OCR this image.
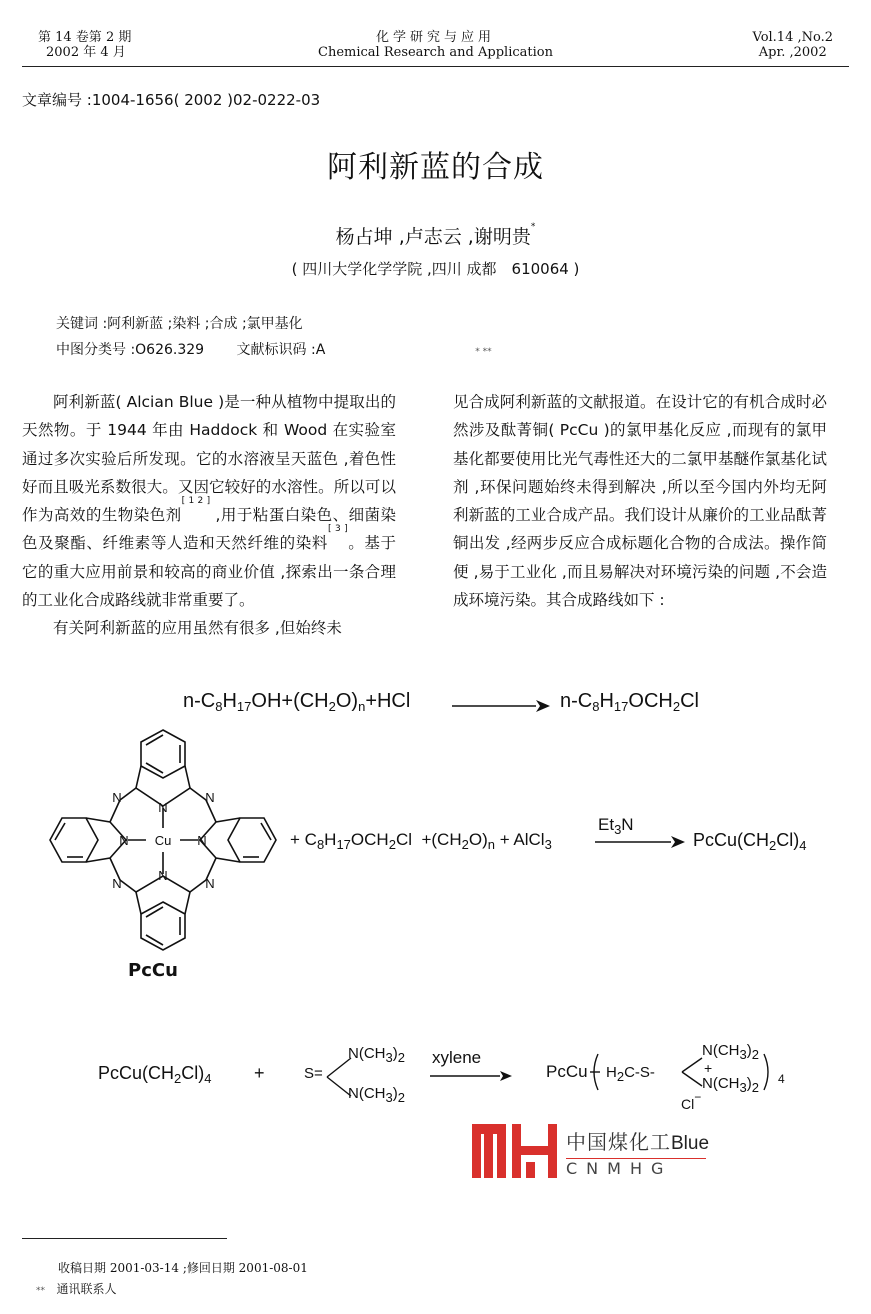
第 14 卷第 2 期
2002 年 4 月
化学研究与应用
Chemical Research and Application
Vol.14 ,No.2
Apr. ,2002
文章编号 :1004-1656( 2002 )02-0222-03
阿利新蓝的合成
杨占坤 ,卢志云 ,谢明贵*
( 四川大学化学学院 ,四川 成都　610064 )
关键词 :阿利新蓝 ;染料 ;合成 ;氯甲基化
中图分类号 :O626.329　　 文献标识码 :A	* **

阿利新蓝( Alcian Blue )是一种从植物中提取出的天然物。于 1944 年由 Haddock 和 Wood 在实验室通过多次实验后所发现。它的水溶液呈天蓝色 ,着色性好而且吸光系数很大。又因它较好的水溶性。所以可以作为高效的生物染色剂[ 1 2 ] ,用于粘蛋白染色、细菌染色及聚酯、纤维素等人造和天然纤维的染料[ 3 ]。基于它的重大应用前景和较高的商业价值 ,探索出一条合理的工业化合成路线就非常重要了。

有关阿利新蓝的应用虽然有很多 ,但始终未

见合成阿利新蓝的文献报道。在设计它的有机合成时必然涉及酞菁铜( PcCu )的氯甲基化反应 ,而现有的氯甲基化都要使用比光气毒性还大的二氯甲基醚作氯基化试剂 ,环保问题始终未得到解决 ,所以至今国内外均无阿利新蓝的工业合成产品。我们设计从廉价的工业品酞菁铜出发 ,经两步反应合成标题化合物的合成法。操作简便 ,易于工业化 ,而且易解决对环境污染的问题 ,不会造成环境污染。其合成路线如下 :

$n-C_8H_{17}OH+(CH_2O)_n+HCl$	$n-C_8H_{17}OCH_2Cl$
Cu
N
N
N	N
N	N
N	N
PcCu
+ $C_8H_{17}OCH_2Cl +(CH_2O)_n$ + AlCl$_3$
$Et_3N$
$PcCu(CH_2Cl)_4$
$PcCu(CH_2Cl)_4$ +	S=
$N(CH_3)_2$
$N(CH_3)_2$
xylene
PcCu $H_2C-S-$
$N(CH_3)_2$
+
$N(CH_3)_2$
4
Cl−
中国煤化工Blue
CNMHG
收稿日期 2001-03-14 ;修回日期 2001-08-01
** 通讯联系人
